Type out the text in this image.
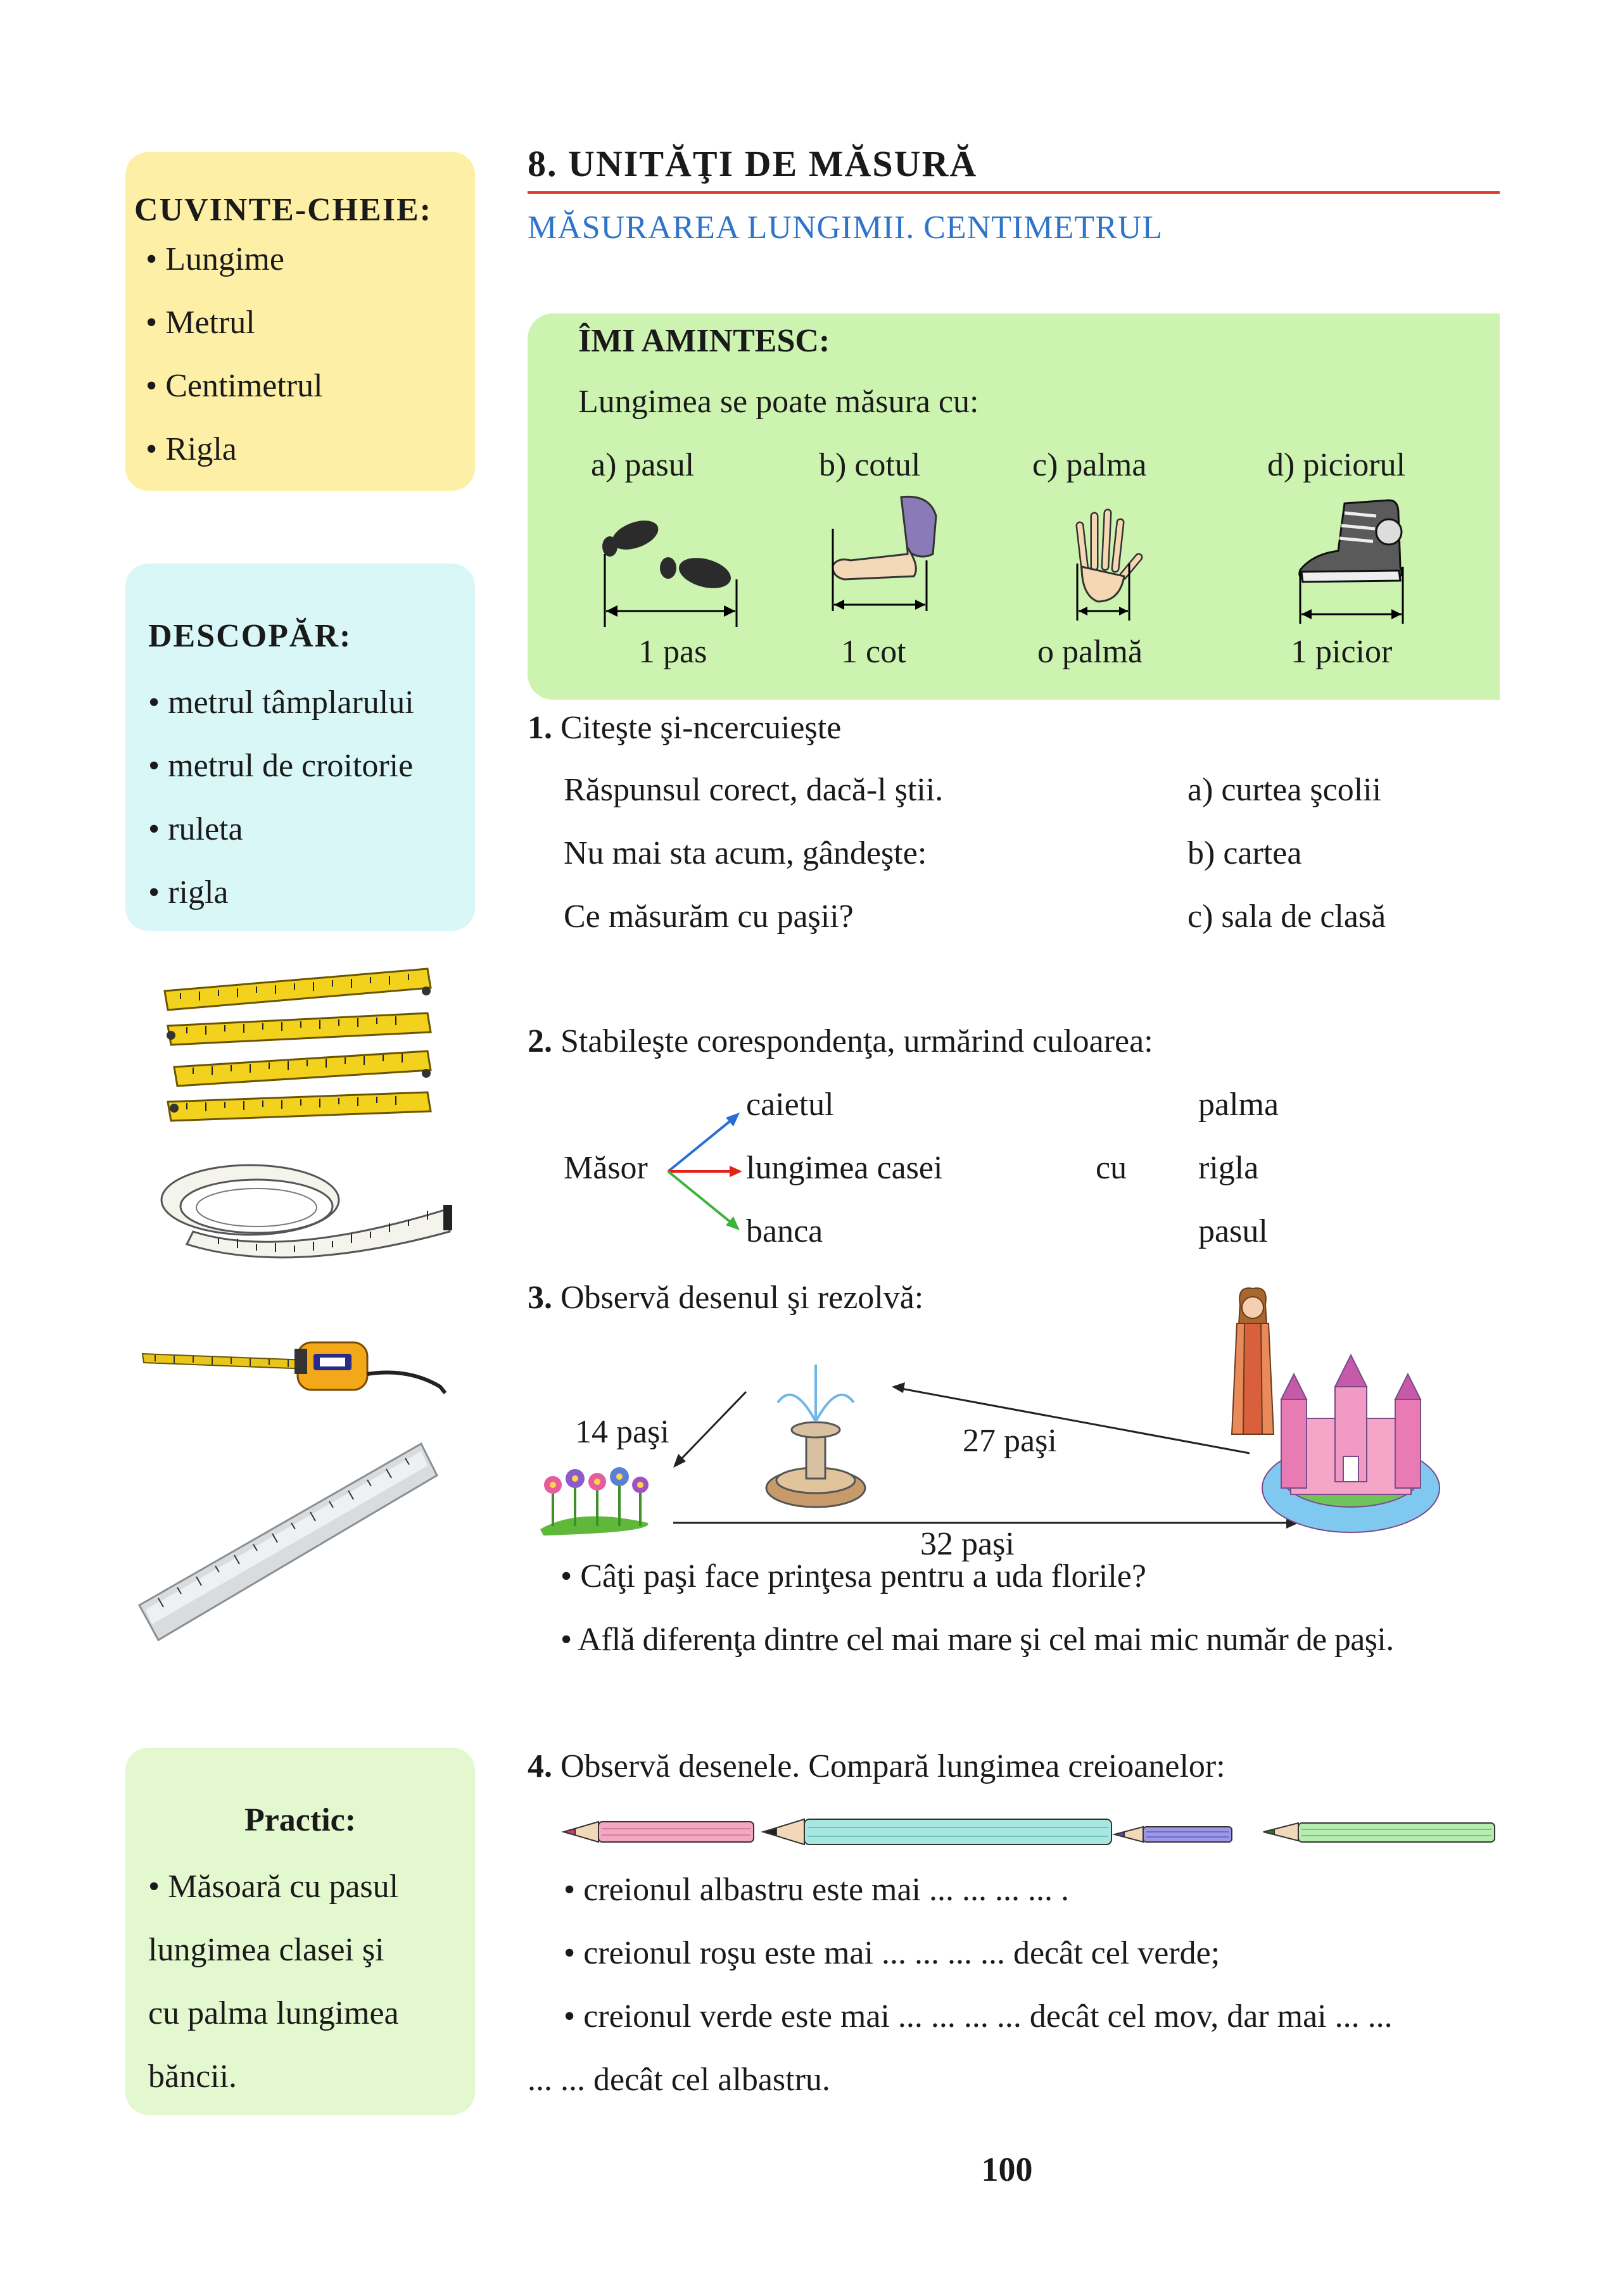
CUVINTE-CHEIE:
• Lungime
• Metrul
• Centimetrul
• Rigla
DESCOPĂR:
• metrul tâmplarului
• metrul de croitorie
• ruleta
• rigla
Practic:
• Măsoară cu pasul
lungimea clasei şi
cu palma lungimea
băncii.
8. UNITĂŢI DE MĂSURĂ
MĂSURAREA LUNGIMII. CENTIMETRUL
ÎMI AMINTESC:
Lungimea se poate măsura cu:
a) pasul	b) cotul	c) palma	d) piciorul
1 pas	1 cot	o palmă	1 picior
1. Citeşte şi-ncercuieşte
Răspunsul corect, dacă-l ştii.
Nu mai sta acum, gândeşte:
Ce măsurăm cu paşii?
a) curtea şcolii
b) cartea
c) sala de clasă
2. Stabileşte corespondenţa, urmărind culoarea:
Măsor
caietul
lungimea casei
banca
cu
palma
rigla
pasul
3. Observă desenul şi rezolvă:
14 paşi	27 paşi
32 paşi
• Câţi paşi face prinţesa pentru a uda florile?
• Află diferenţa dintre cel mai mare şi cel mai mic număr de paşi.
4. Observă desenele. Compară lungimea creioanelor:
• creionul albastru este mai ... ... ... ... .
• creionul roşu este mai ... ... ... ... decât cel verde;
• creionul verde este mai ... ... ... ... decât cel mov, dar mai ... ...
... ... decât cel albastru.
100
